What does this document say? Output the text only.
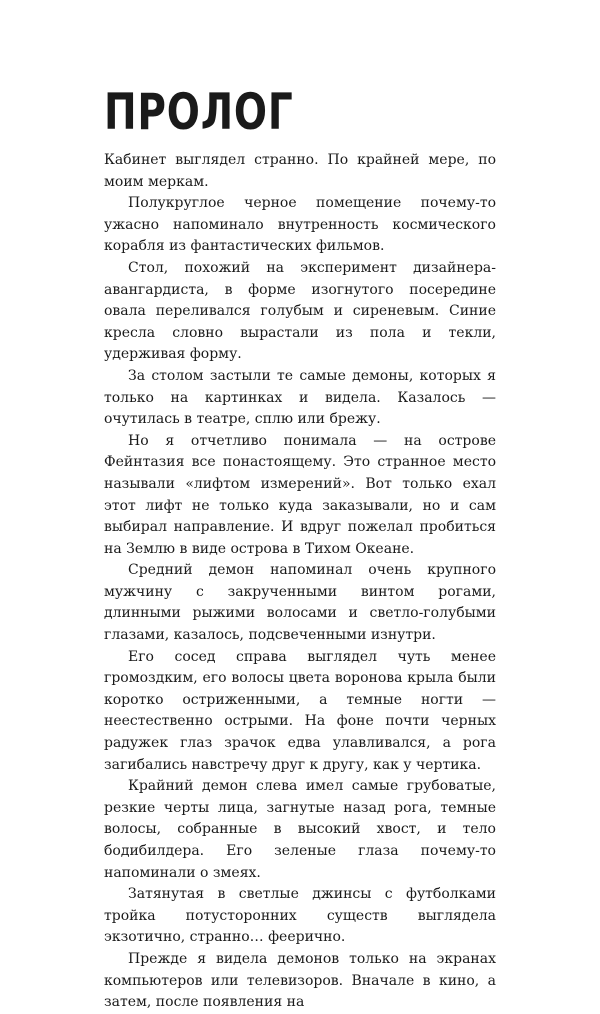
ПРОЛОГ

Кабинет выглядел странно. По крайней мере, по моим меркам.

Полукруглое черное помещение почему-то ужасно напоминало внутренность космического корабля из фантастических фильмов.

Стол, похожий на эксперимент дизайнера-авангардиста, в форме изогнутого посередине овала переливался голубым и сиреневым. Синие кресла словно вырастали из пола и текли, удерживая форму.

За столом застыли те самые демоны, которых я только на картинках и видела. Казалось — очутилась в театре, сплю или брежу.

Но я отчетливо понимала — на острове Фейнтазия все понастоящему. Это странное место называли «лифтом измерений». Вот только ехал этот лифт не только куда заказывали, но и сам выбирал направление. И вдруг пожелал пробиться на Землю в виде острова в Тихом Океане.

Средний демон напоминал очень крупного мужчину с закрученными винтом рогами, длинными рыжими волосами и светло-голубыми глазами, казалось, подсвеченными изнутри.

Его сосед справа выглядел чуть менее громоздким, его волосы цвета воронова крыла были коротко остриженными, а темные ногти — неестественно острыми. На фоне почти черных радужек глаз зрачок едва улавливался, а рога загибались навстречу друг к другу, как у чертика.

Крайний демон слева имел самые грубоватые, резкие черты лица, загнутые назад рога, темные волосы, собранные в высокий хвост, и тело бодибилдера. Его зеленые глаза почему-то напоминали о змеях.

Затянутая в светлые джинсы с футболками тройка потусторонних существ выглядела экзотично, странно… феерично.

Прежде я видела демонов только на экранах компьютеров или телевизоров. Вначале в кино, а затем, после появления на
